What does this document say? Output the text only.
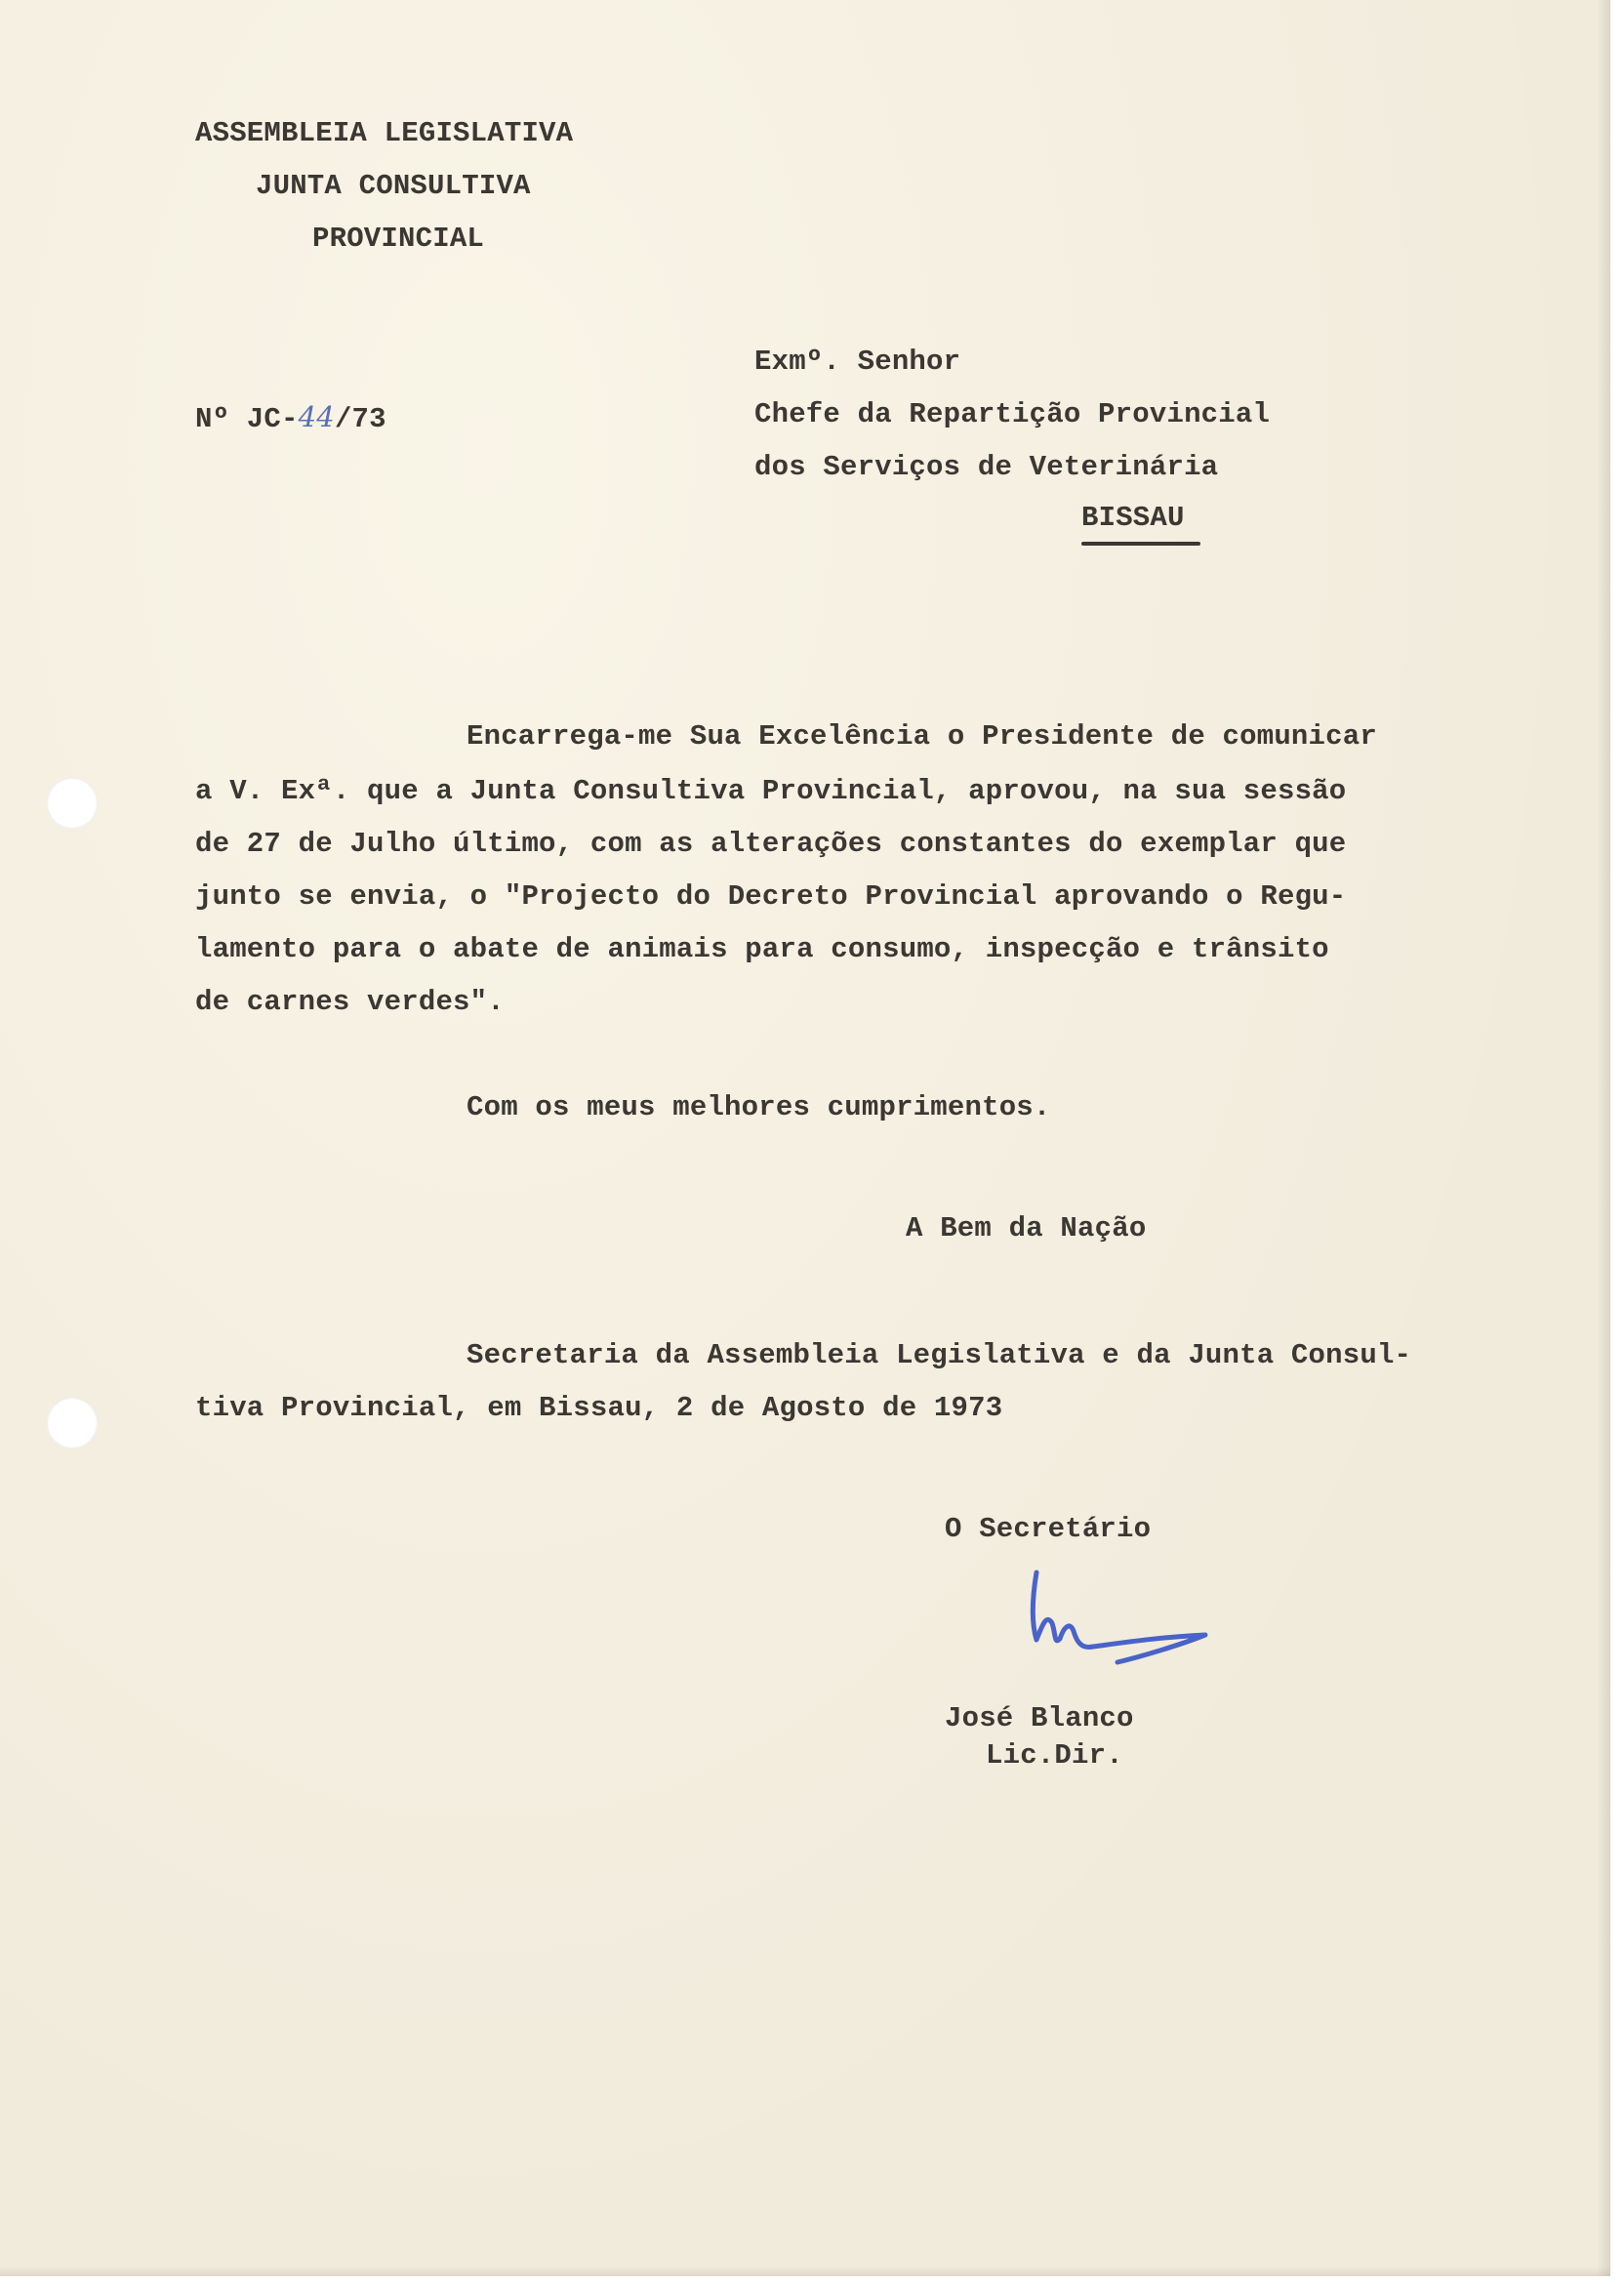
ASSEMBLEIA LEGISLATIVA
JUNTA CONSULTIVA
PROVINCIAL
Nº JC-44/73
Exmº. Senhor
Chefe da Repartição Provincial
dos Serviços de Veterinária
BISSAU
Encarrega-me Sua Excelência o Presidente de comunicar
a V. Exª. que a Junta Consultiva Provincial, aprovou, na sua sessão
de 27 de Julho último, com as alterações constantes do exemplar que
junto se envia, o "Projecto do Decreto Provincial aprovando o Regu-
lamento para o abate de animais para consumo, inspecção e trânsito
de carnes verdes".
Com os meus melhores cumprimentos.
A Bem da Nação
Secretaria da Assembleia Legislativa e da Junta Consul-
tiva Provincial, em Bissau, 2 de Agosto de 1973
O Secretário
José Blanco
Lic.Dir.
